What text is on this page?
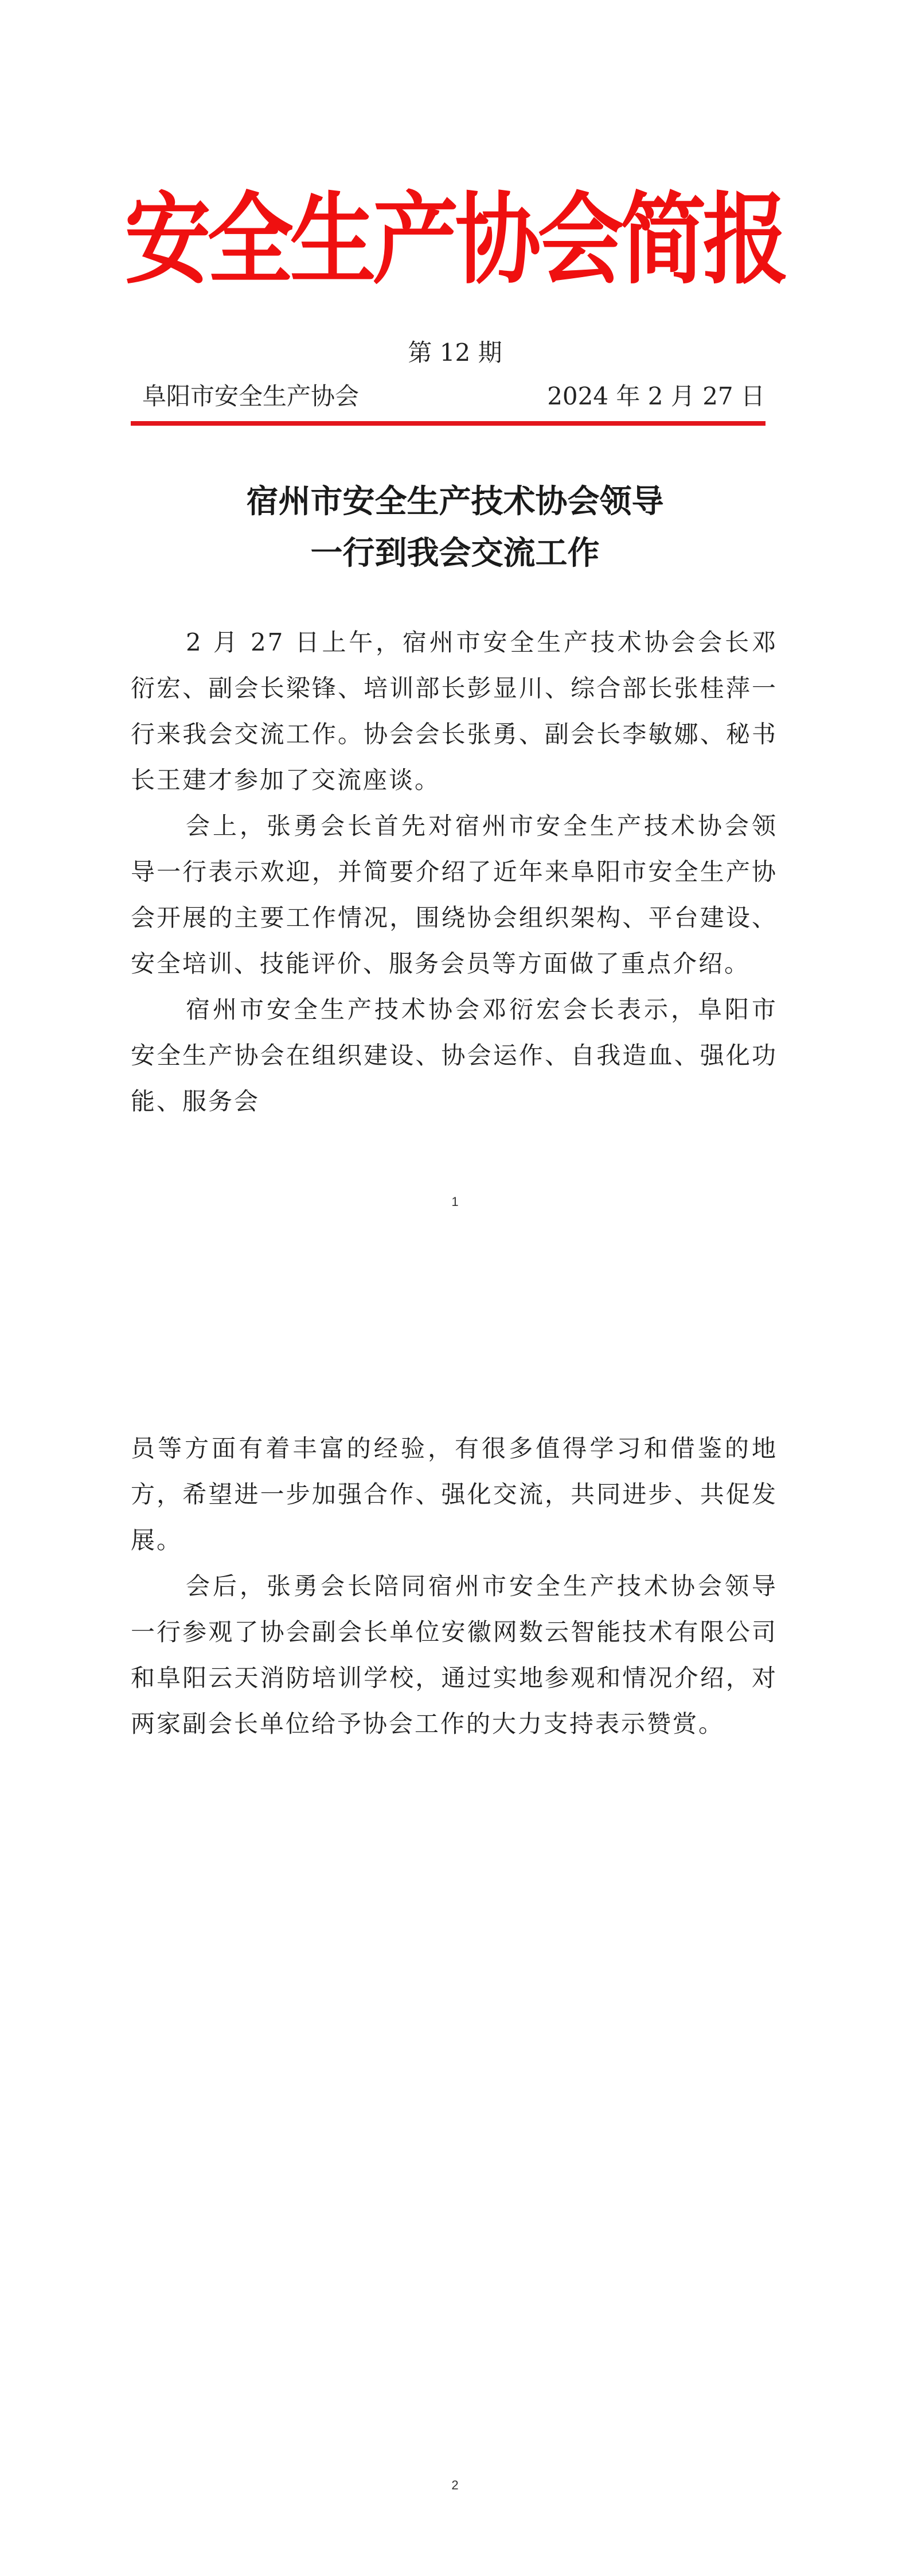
安全生产协会简报
第 12 期
阜阳市安全生产协会	2024 年 2 月 27 日
宿州市安全生产技术协会领导
一行到我会交流工作

2 月 27 日上午，宿州市安全生产技术协会会长邓衍宏、副会长梁锋、培训部长彭显川、综合部长张桂萍一行来我会交流工作。协会会长张勇、副会长李敏娜、秘书长王建才参加了交流座谈。

会上，张勇会长首先对宿州市安全生产技术协会领导一行表示欢迎，并简要介绍了近年来阜阳市安全生产协会开展的主要工作情况，围绕协会组织架构、平台建设、安全培训、技能评价、服务会员等方面做了重点介绍。

宿州市安全生产技术协会邓衍宏会长表示，阜阳市安全生产协会在组织建设、协会运作、自我造血、强化功能、服务会

1

员等方面有着丰富的经验，有很多值得学习和借鉴的地方，希望进一步加强合作、强化交流，共同进步、共促发展。

会后，张勇会长陪同宿州市安全生产技术协会领导一行参观了协会副会长单位安徽网数云智能技术有限公司和阜阳云天消防培训学校，通过实地参观和情况介绍，对两家副会长单位给予协会工作的大力支持表示赞赏。

2
